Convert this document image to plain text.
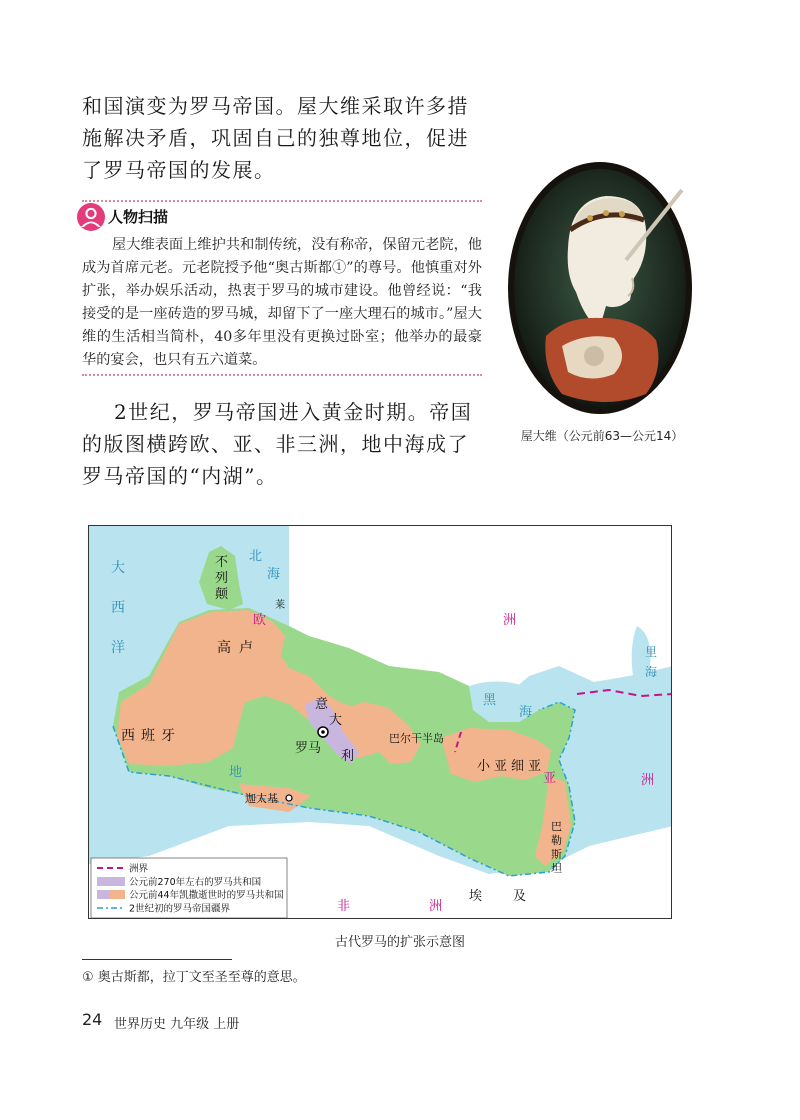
和国演变为罗马帝国。屋大维采取许多措施解决矛盾，巩固自己的独尊地位，促进了罗马帝国的发展。
人物扫描
屋大维表面上维护共和制传统，没有称帝，保留元老院，他成为首席元老。元老院授予他“奥古斯都①”的尊号。他慎重对外扩张，举办娱乐活动，热衷于罗马的城市建设。他曾经说：“我接受的是一座砖造的罗马城，却留下了一座大理石的城市。”屋大维的生活相当简朴，40多年里没有更换过卧室；他举办的最豪华的宴会，也只有五六道菜。
屋大维（公元前63—公元14）
2世纪，罗马帝国进入黄金时期。帝国的版图横跨欧、亚、非三洲，地中海成了罗马帝国的“内湖”。
不列颠
高卢
西班牙
意
大
利
罗马
巴尔干半岛
小亚细亚
迦太基
巴勒斯坦
埃 及
大
西
洋
北
海
地
黑
海
里
海
欧	洲
亚	洲
非	洲
莱
洲界
公元前270年左右的罗马共和国
公元前44年凯撒逝世时的罗马共和国
2世纪初的罗马帝国疆界
古代罗马的扩张示意图
① 奥古斯都，拉丁文至圣至尊的意思。
24 世界历史 九年级 上册
